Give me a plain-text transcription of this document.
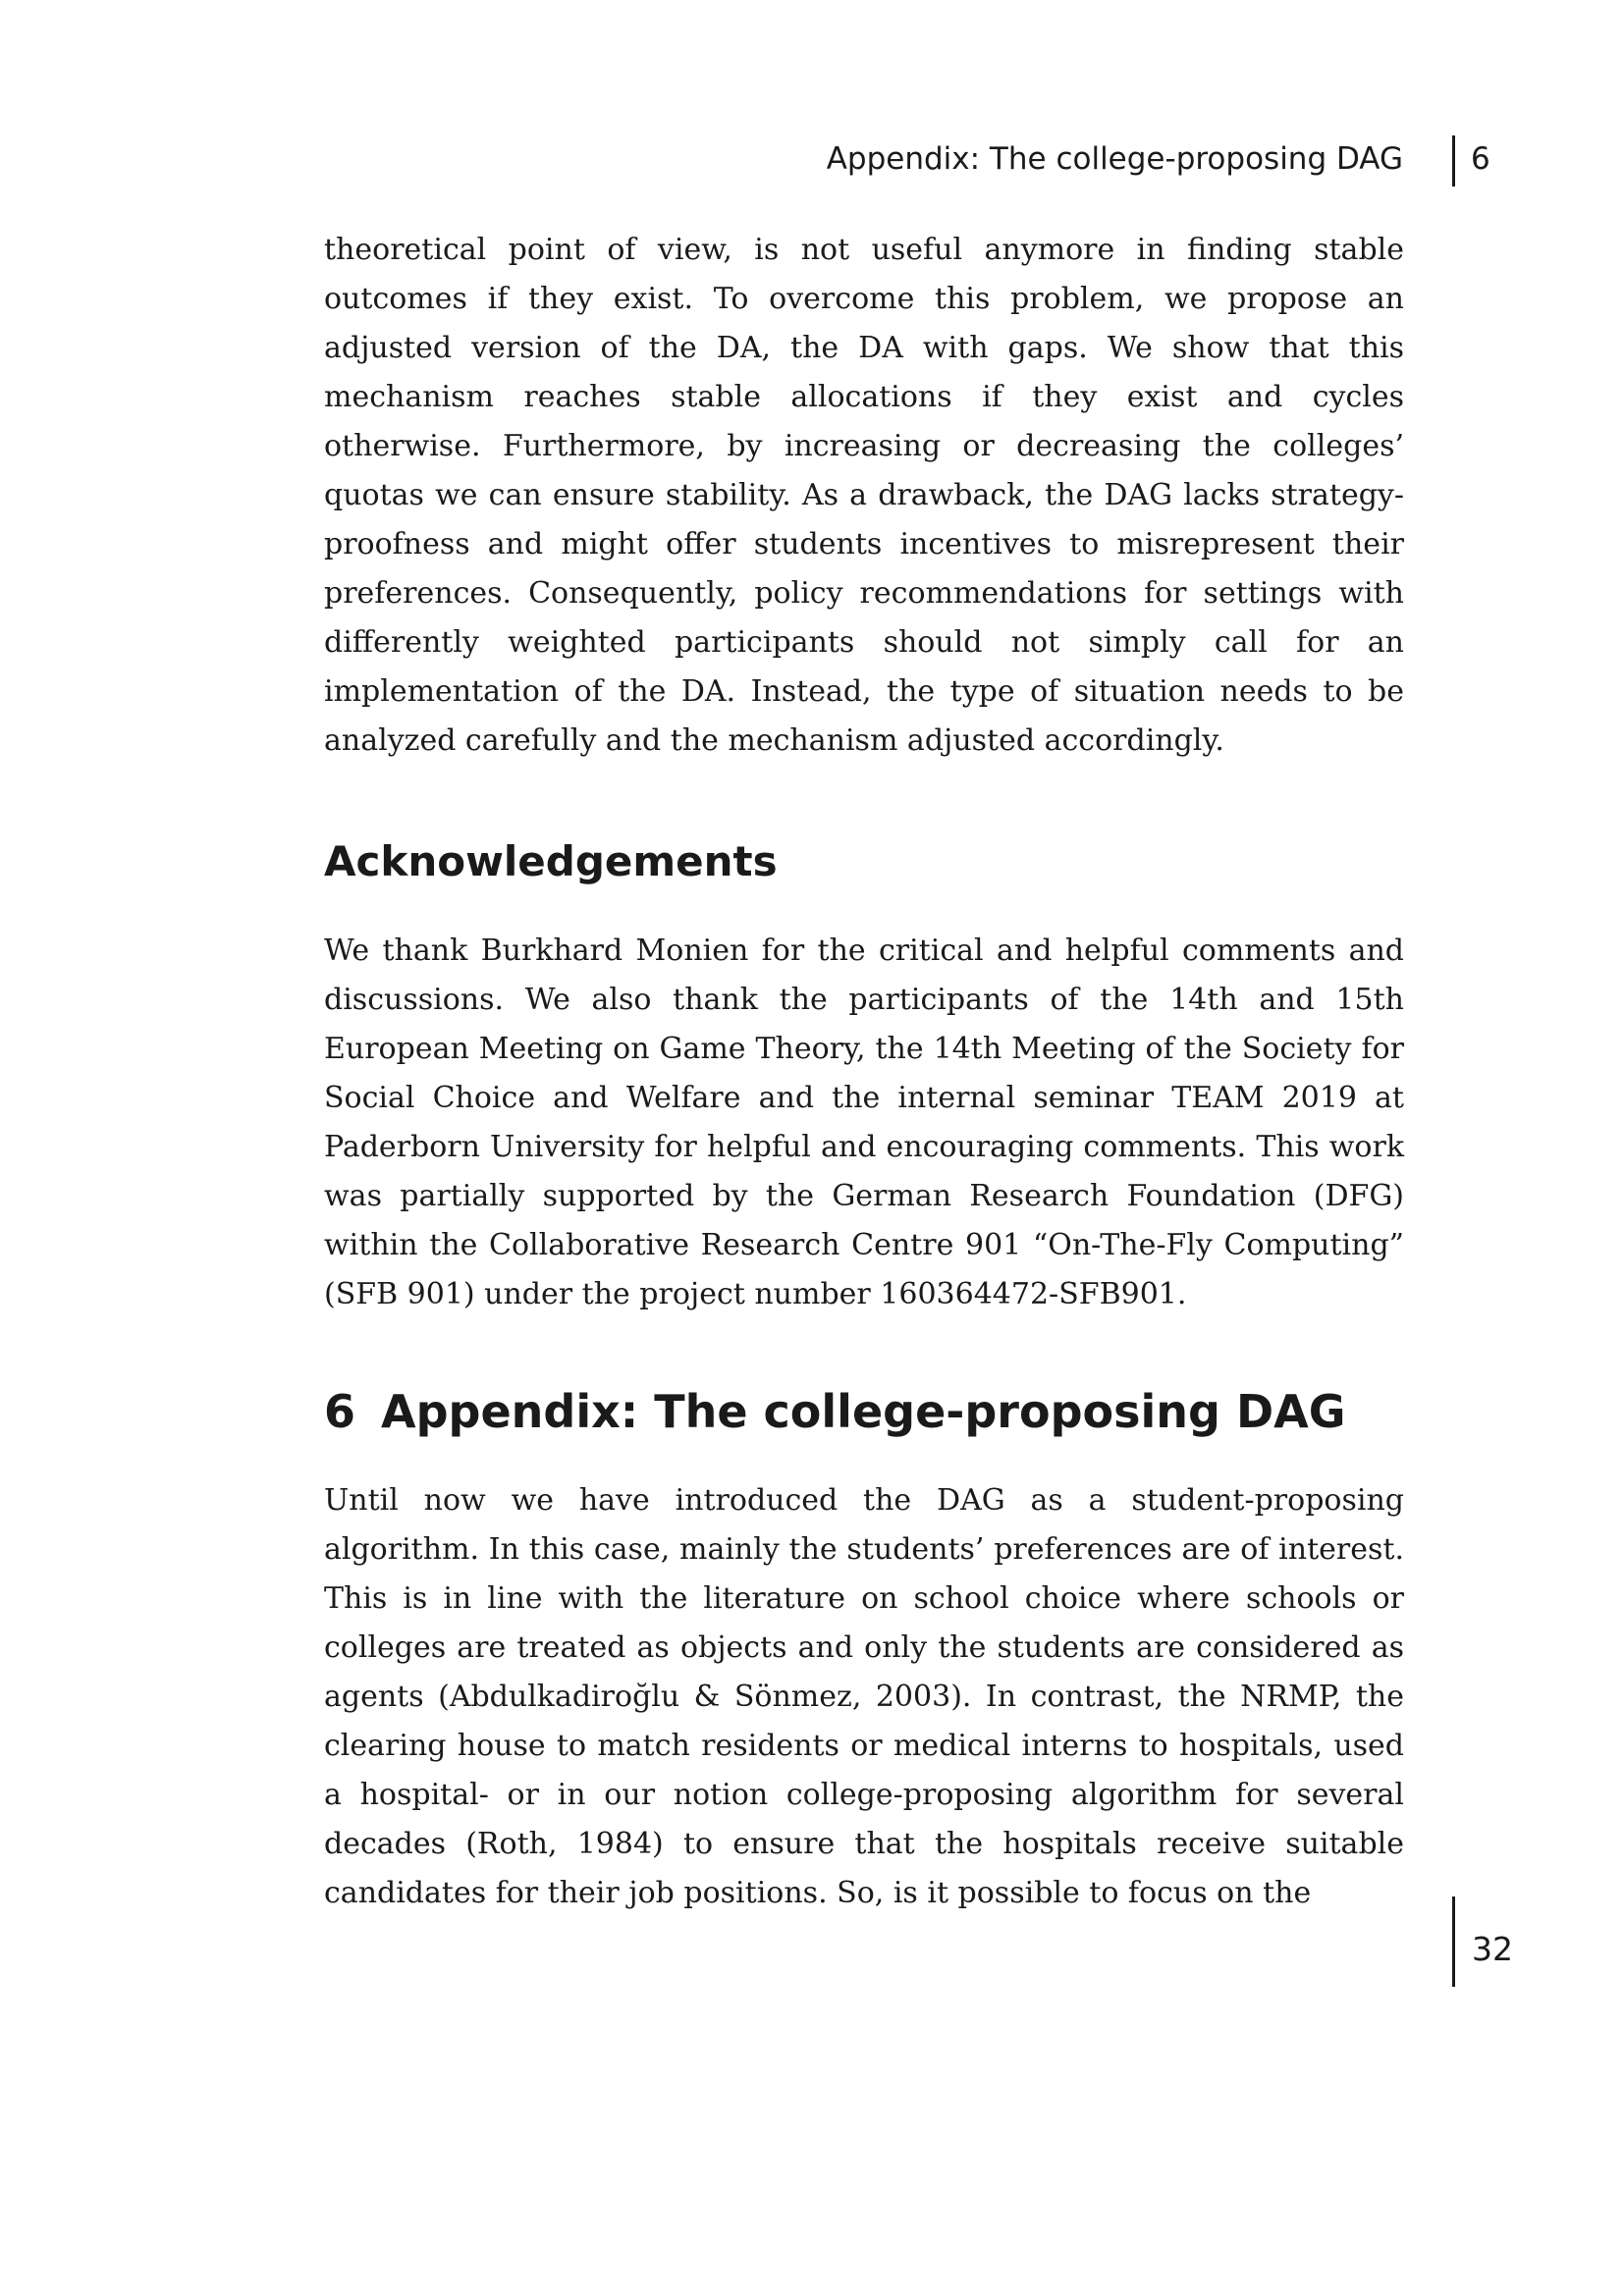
Appendix: The college-proposing DAG 6

theoretical point of view, is not useful anymore in finding stable outcomes if they exist. To overcome this problem, we propose an adjusted version of the DA, the DA with gaps. We show that this mechanism reaches stable allocations if they exist and cycles otherwise. Furthermore, by increasing or decreasing the colleges’ quotas we can ensure stability. As a drawback, the DAG lacks strategy-proofness and might offer students incentives to misrepresent their preferences. Consequently, policy recommendations for settings with differently weighted participants should not simply call for an implementation of the DA. Instead, the type of situation needs to be analyzed carefully and the mechanism adjusted accordingly.

Acknowledgements

We thank Burkhard Monien for the critical and helpful comments and discussions. We also thank the participants of the 14th and 15th European Meeting on Game Theory, the 14th Meeting of the Society for Social Choice and Welfare and the internal seminar TEAM 2019 at Paderborn University for helpful and encouraging comments. This work was partially supported by the German Research Foundation (DFG) within the Collaborative Research Centre 901 “On-The-Fly Computing” (SFB 901) under the project number 160364472-SFB901.

6 Appendix: The college-proposing DAG

Until now we have introduced the DAG as a student-proposing algorithm. In this case, mainly the students’ preferences are of interest. This is in line with the literature on school choice where schools or colleges are treated as objects and only the students are considered as agents (Abdulkadiroğlu & Sönmez, 2003). In contrast, the NRMP, the clearing house to match residents or medical interns to hospitals, used a hospital- or in our notion college-proposing algorithm for several decades (Roth, 1984) to ensure that the hospitals receive suitable candidates for their job positions. So, is it possible to focus on the

32
